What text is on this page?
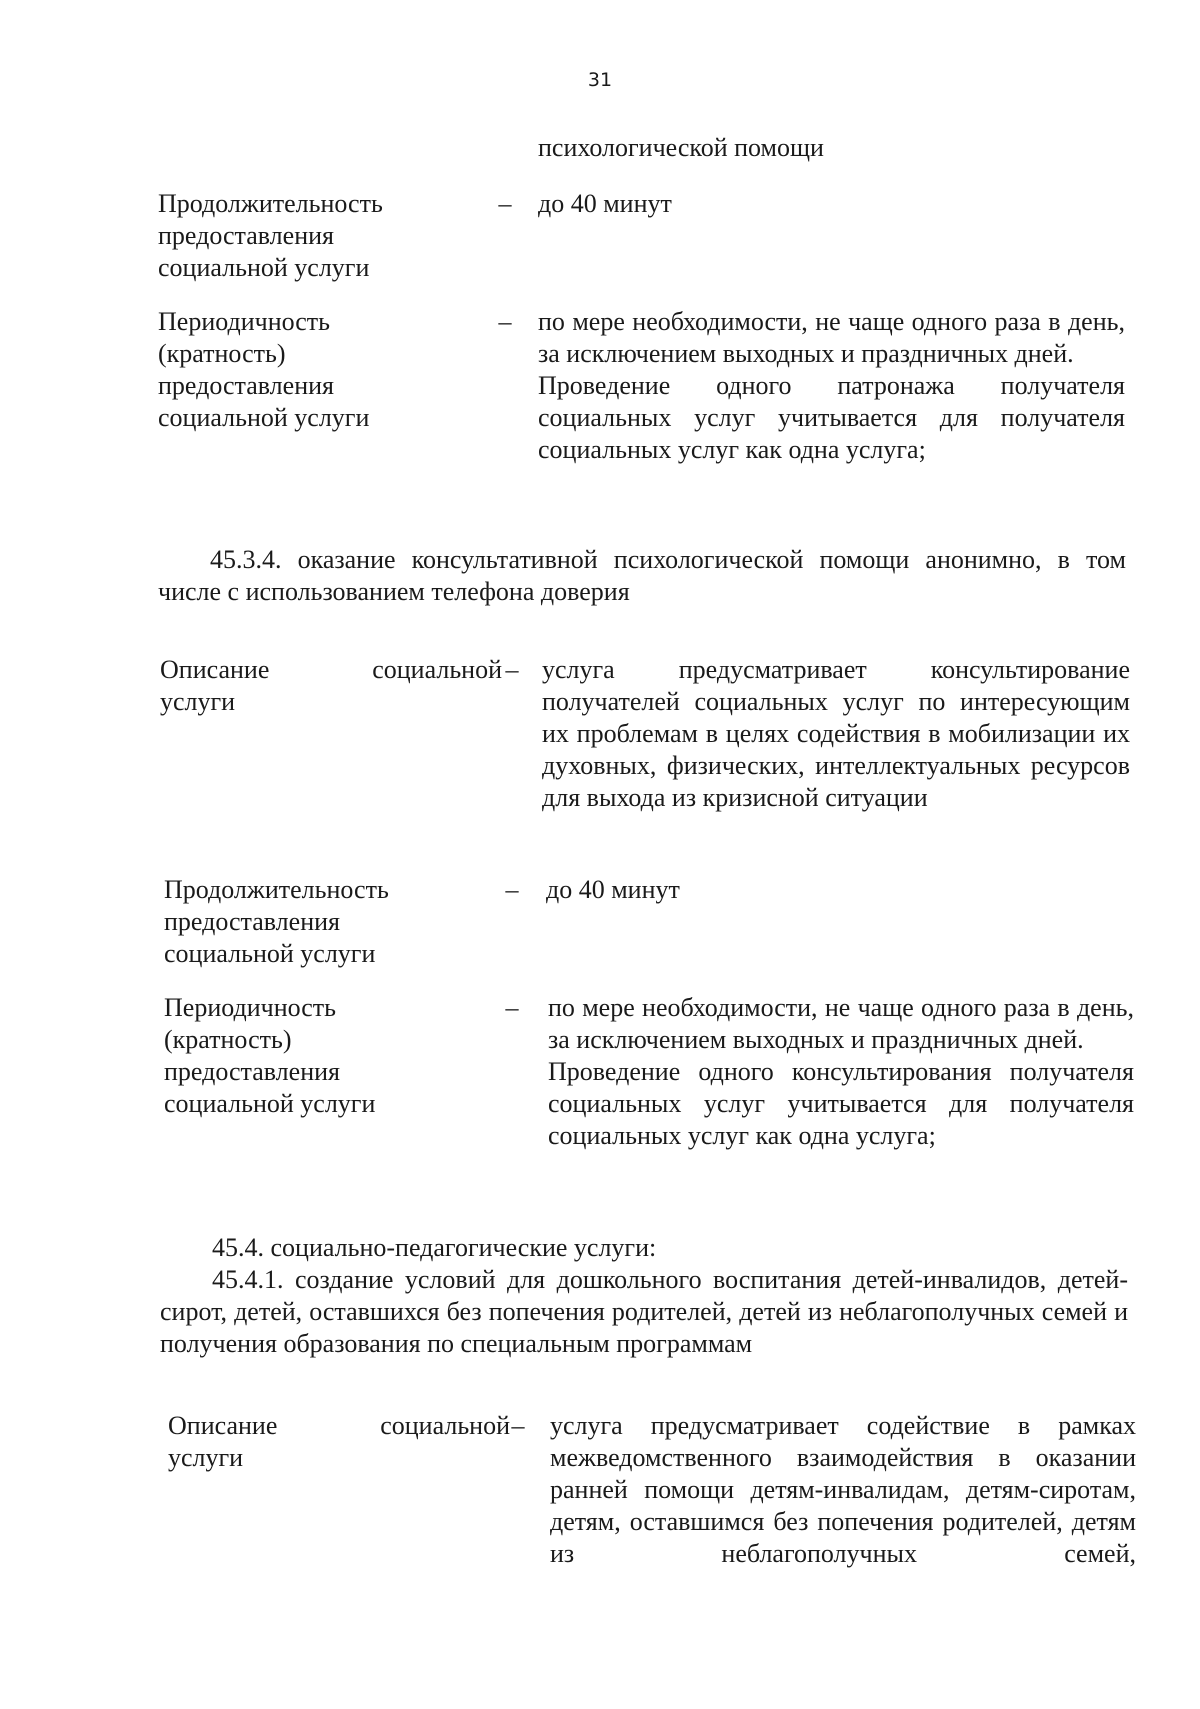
31
психологической помощи
Продолжительность
предоставления
социальной услуги
– до 40 минут
Периодичность
(кратность)
предоставления
социальной услуги
– по мере необходимости, не чаще одного раза в день, за исключением выходных и праздничных дней.

Проведение одного патронажа получателя социальных услуг учитывается для получателя социальных услуг как одна услуга;

45.3.4. оказание консультативной психологической помощи анонимно, в том числе с использованием телефона доверия

Описание	социальной
услуги
– услуга предусматривает консультирование получателей социальных услуг по интересующим их проблемам в целях содействия в мобилизации их духовных, физических, интеллектуальных ресурсов для выхода из кризисной ситуации

Продолжительность
предоставления
социальной услуги
– до 40 минут
Периодичность
(кратность)
предоставления
социальной услуги
– по мере необходимости, не чаще одного раза в день, за исключением выходных и праздничных дней.

Проведение одного консультирования получателя социальных услуг учитывается для получателя социальных услуг как одна услуга;

45.4. социально-педагогические услуги:

45.4.1. создание условий для дошкольного воспитания детей-инвалидов, детей-сирот, детей, оставшихся без попечения родителей, детей из неблагополучных семей и получения образования по специальным программам

Описание	социальной
услуги
– услуга предусматривает содействие в рамках межведомственного взаимодействия в оказании ранней помощи детям-инвалидам, детям-сиротам, детям, оставшимся без попечения родителей, детям из неблагополучных семей,
